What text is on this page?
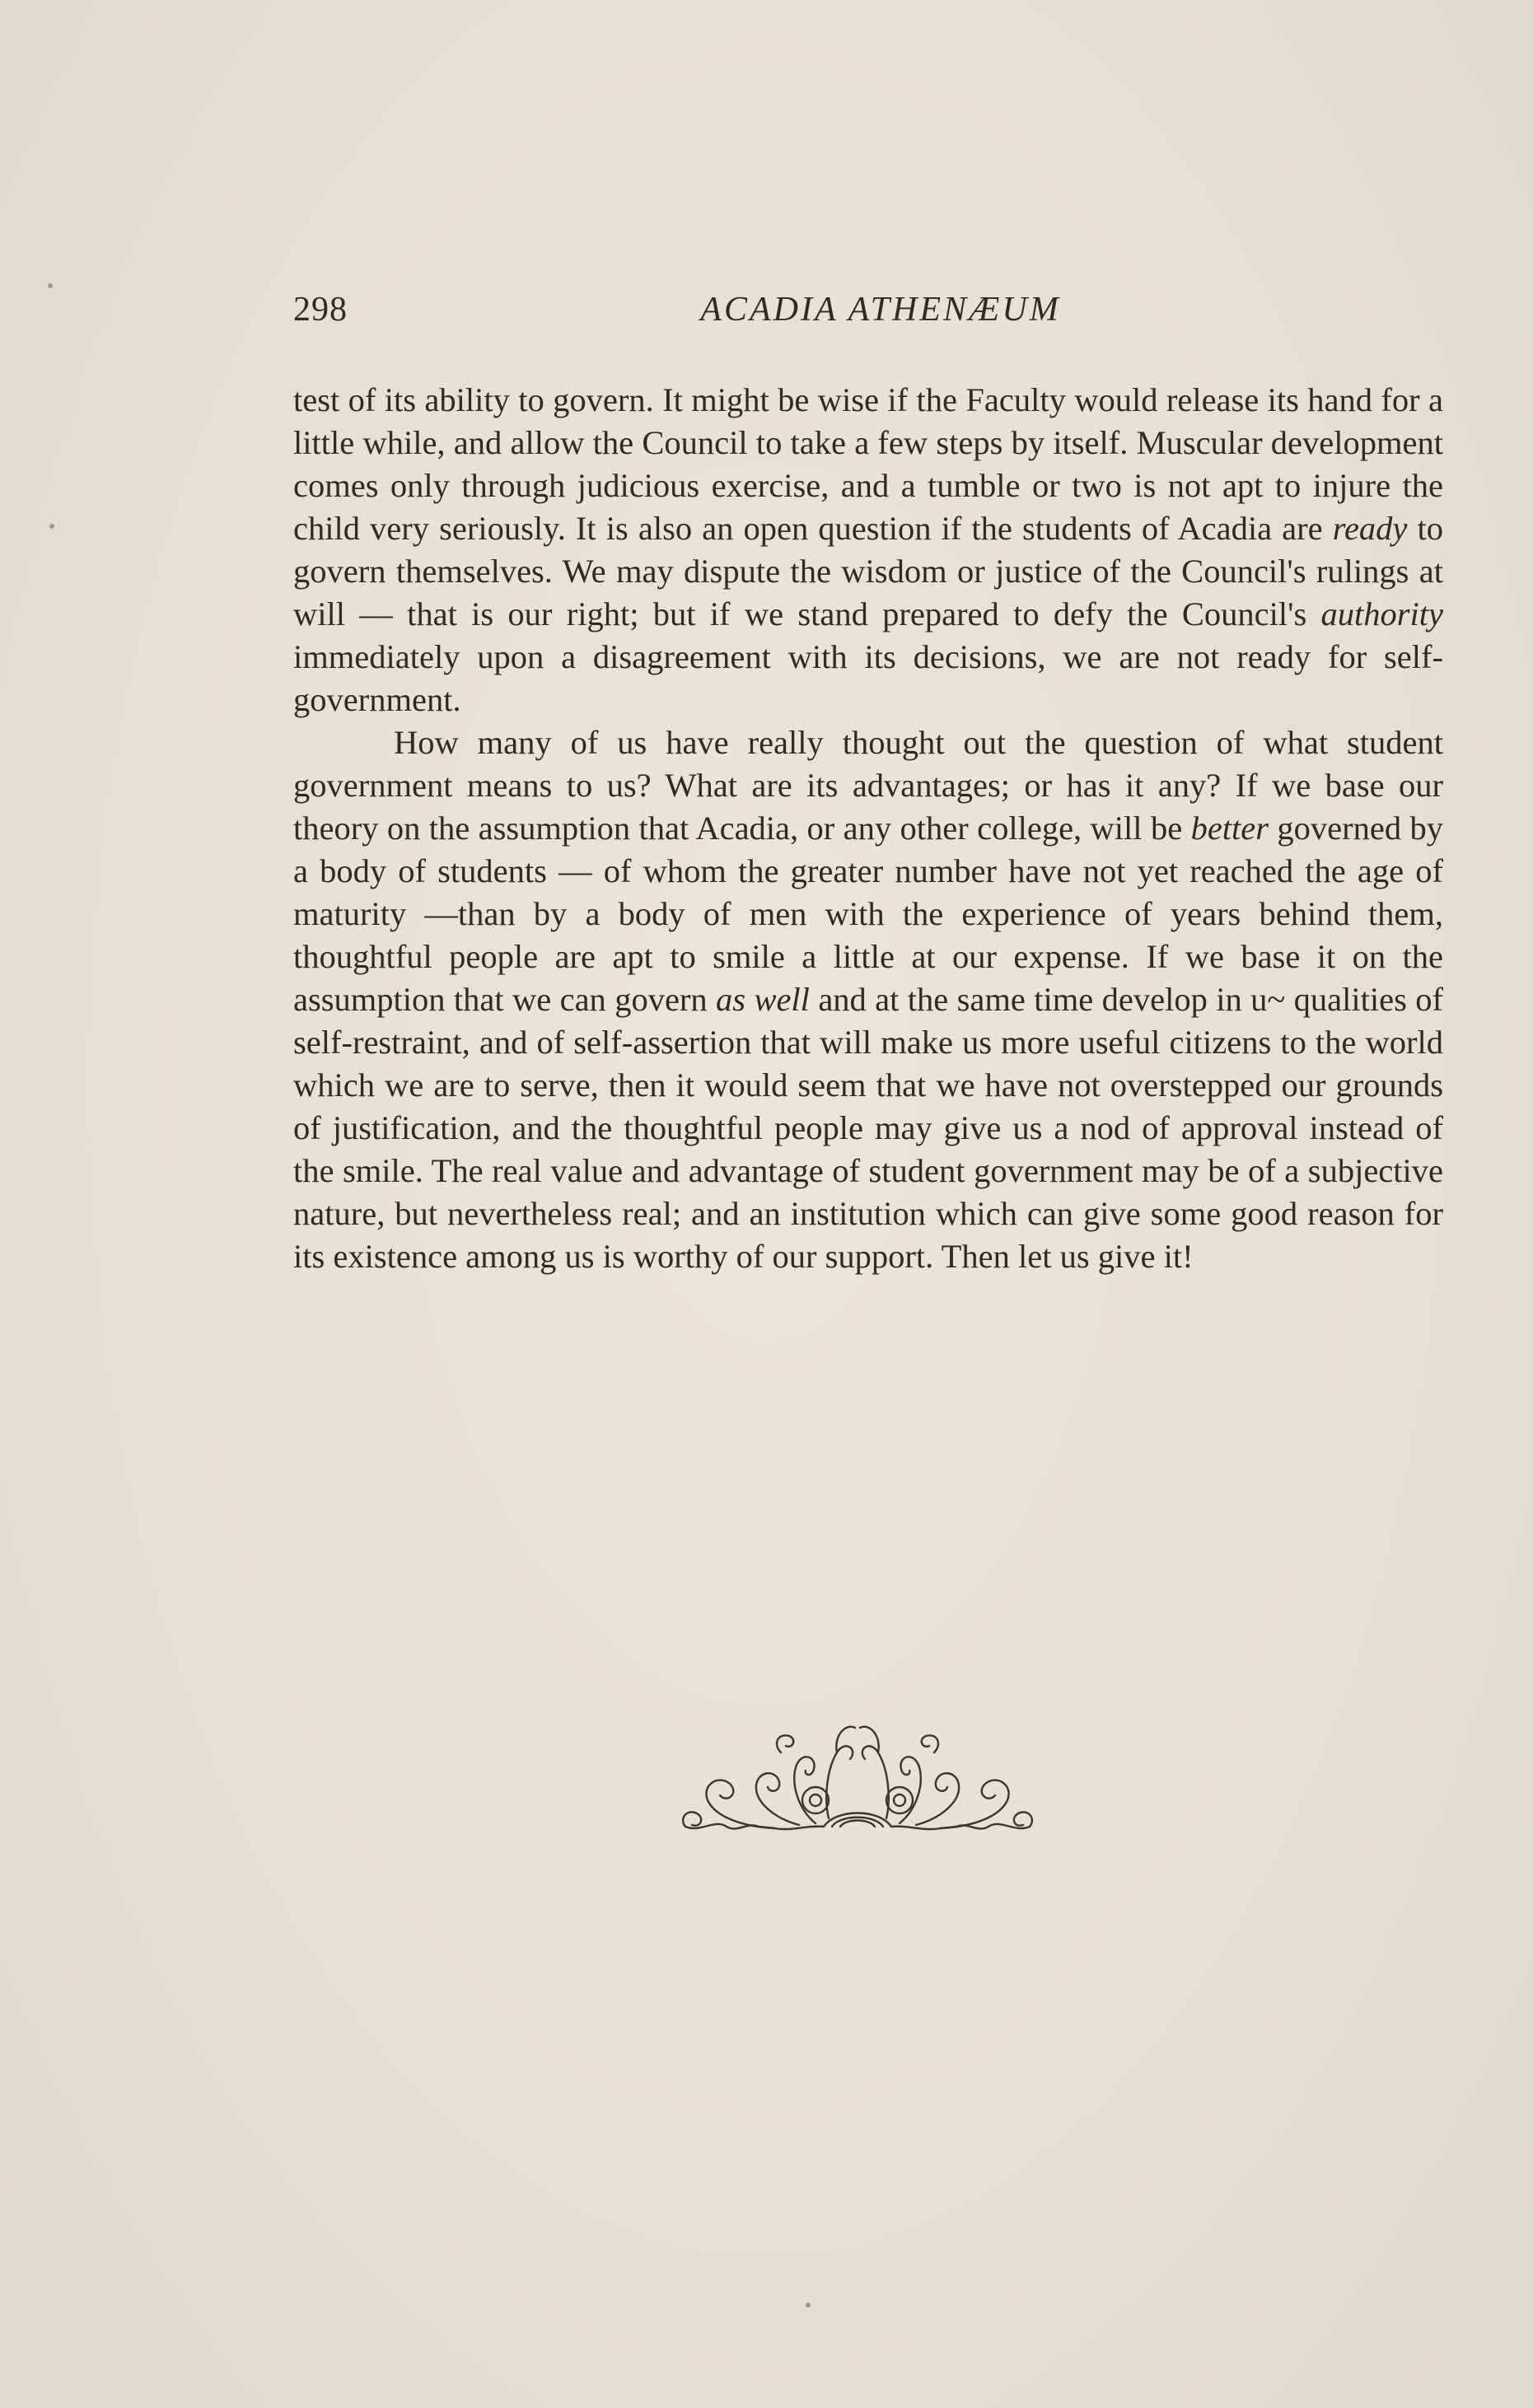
298	ACADIA ATHENÆUM

test of its ability to govern. It might be wise if the Faculty would release its hand for a little while, and allow the Council to take a few steps by itself. Muscular development comes only through judicious exercise, and a tumble or two is not apt to injure the child very seriously. It is also an open question if the students of Acadia are ready to govern themselves. We may dispute the wisdom or justice of the Council's rulings at will — that is our right; but if we stand prepared to defy the Council's authority immediately upon a disagreement with its decisions, we are not ready for self-government.

How many of us have really thought out the question of what student government means to us? What are its advantages; or has it any? If we base our theory on the assumption that Acadia, or any other college, will be better governed by a body of students — of whom the greater number have not yet reached the age of maturity —than by a body of men with the experience of years behind them, thoughtful people are apt to smile a little at our expense. If we base it on the assumption that we can govern as well and at the same time develop in u~ qualities of self-restraint, and of self-assertion that will make us more useful citizens to the world which we are to serve, then it would seem that we have not overstepped our grounds of justification, and the thoughtful people may give us a nod of approval instead of the smile. The real value and advantage of student government may be of a subjective nature, but nevertheless real; and an institution which can give some good reason for its existence among us is worthy of our support. Then let us give it!
